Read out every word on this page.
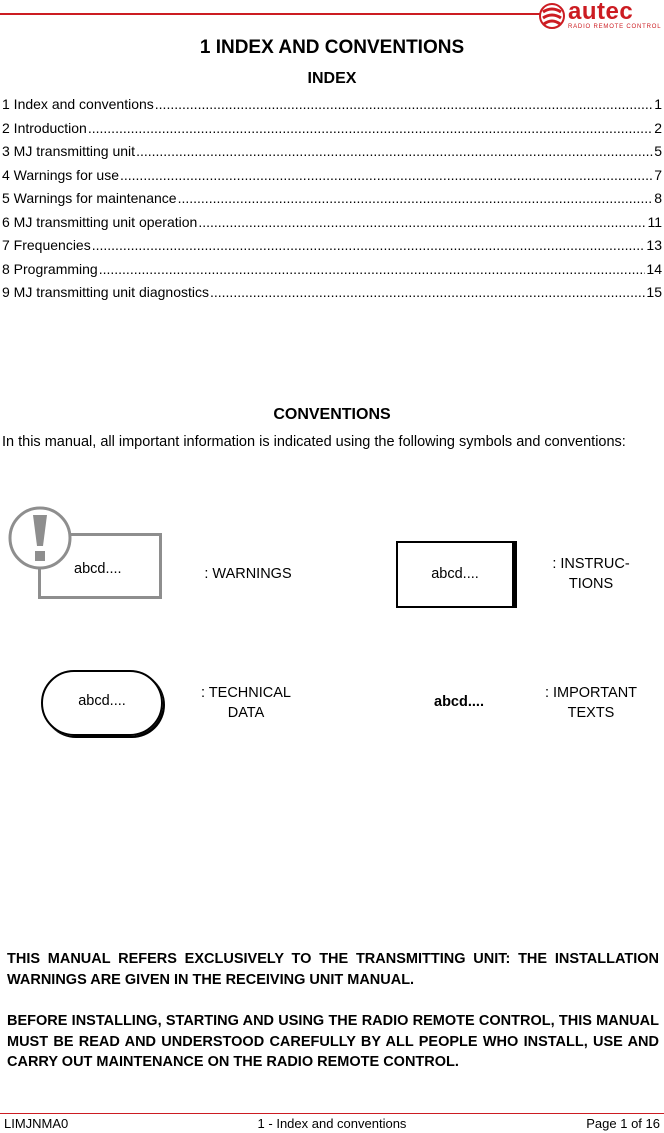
autec
RADIO REMOTE CONTROL
1 INDEX AND CONVENTIONS
INDEX
1 Index and conventions .....	1
2 Introduction .....	2
3 MJ transmitting unit .....	5
4 Warnings for use .....	7
5 Warnings for maintenance .....	8
6 MJ transmitting unit operation .....	11
7 Frequencies .....	13
8 Programming .....	14
9 MJ transmitting unit diagnostics .....	15
CONVENTIONS
In this manual, all important information is indicated using the following symbols and conventions:
abcd....	: WARNINGS	abcd....
: INSTRUC-
TIONS
abcd....	: TECHNICAL
DATA
abcd....
: IMPORTANT
TEXTS
THIS MANUAL REFERS EXCLUSIVELY TO THE TRANSMITTING UNIT: THE INSTALLATION WARNINGS ARE GIVEN IN THE RECEIVING UNIT MANUAL.
BEFORE INSTALLING, STARTING AND USING THE RADIO REMOTE CONTROL, THIS MANUAL MUST BE READ AND UNDERSTOOD CAREFULLY BY ALL PEOPLE WHO INSTALL, USE AND CARRY OUT MAINTENANCE ON THE RADIO REMOTE CONTROL.
LIMJNMA0	1 - Index and conventions	Page 1 of 16
